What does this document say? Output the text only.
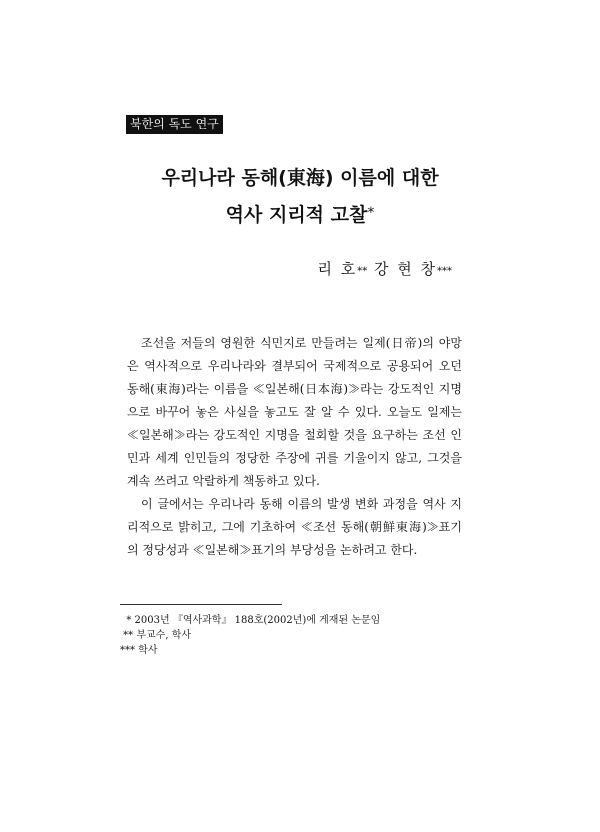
북한의 독도 연구
우리나라 동해(東海) 이름에 대한
역사 지리적 고찰*
리 호** 강 현 창***

조선을 저들의 영원한 식민지로 만들려는 일제(日帝)의 야망은 역사적으로 우리나라와 결부되어 국제적으로 공용되어 오던 동해(東海)라는 이름을 ≪일본해(日本海)≫라는 강도적인 지명으로 바꾸어 놓은 사실을 놓고도 잘 알 수 있다. 오늘도 일제는 ≪일본해≫라는 강도적인 지명을 철회할 것을 요구하는 조선 인민과 세계 인민들의 정당한 주장에 귀를 기울이지 않고, 그것을 계속 쓰려고 악랄하게 책동하고 있다.

이 글에서는 우리나라 동해 이름의 발생 변화 과정을 역사 지리적으로 밝히고, 그에 기초하여 ≪조선 동해(朝鮮東海)≫표기의 정당성과 ≪일본해≫표기의 부당성을 논하려고 한다.

* 2003년 『역사과학』 188호(2002년)에 게재된 논문임
** 부교수, 학사
*** 학사
